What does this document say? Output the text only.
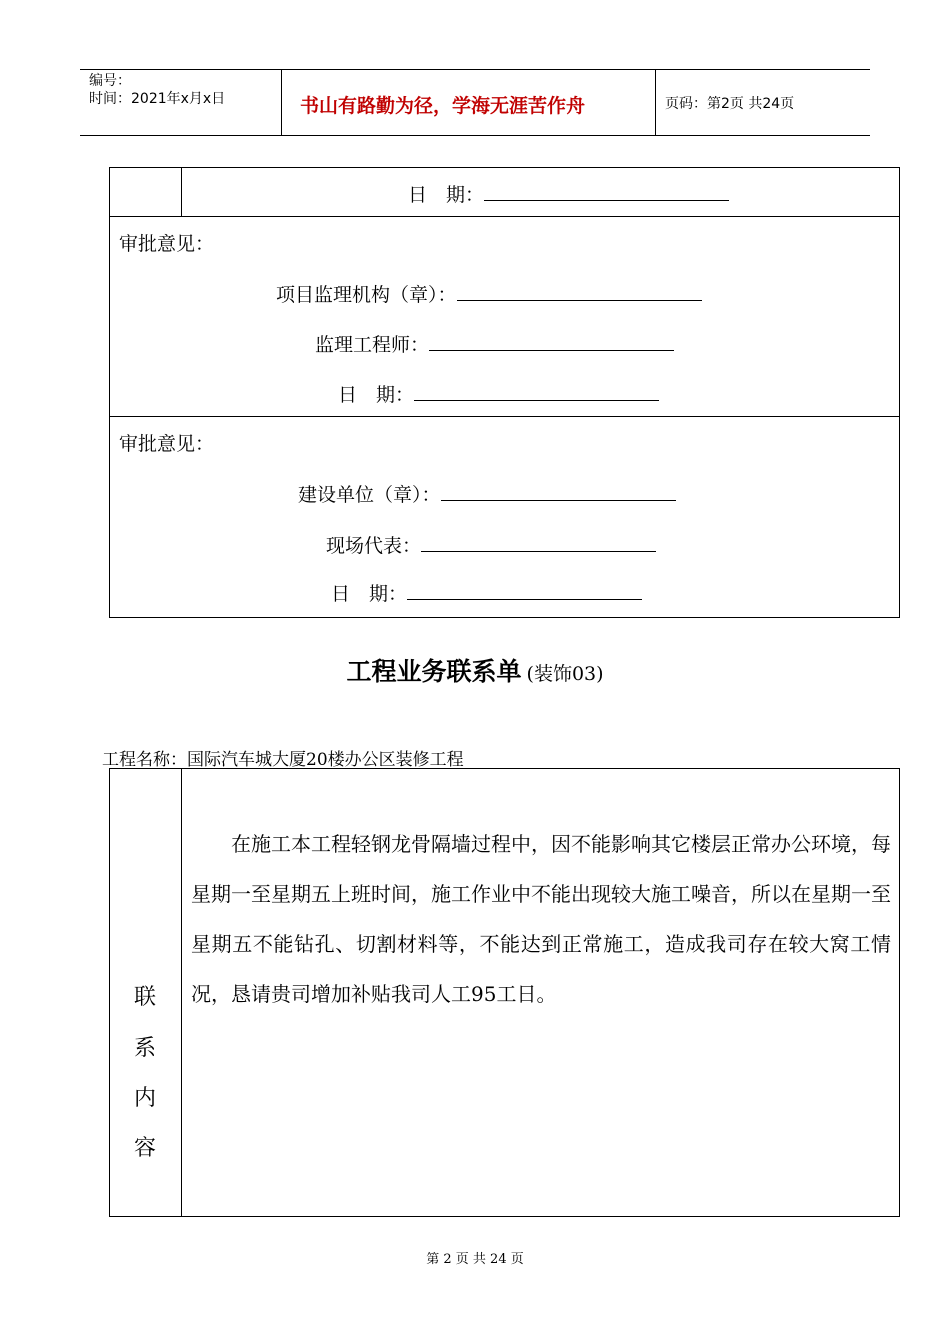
编号：
时间：2021年x月x日	书山有路勤为径，学海无涯苦作舟	页码：第2页 共24页
日　期：
审批意见：
项目监理机构（章）：
监理工程师：
日　期：
审批意见：
建设单位（章）：
现场代表：
日　期：
工程业务联系单 (装饰03)
工程名称：国际汽车城大厦20楼办公区装修工程
联
系
内
容
在施工本工程轻钢龙骨隔墙过程中，因不能影响其它楼层正常办公环境，每星期一至星期五上班时间，施工作业中不能出现较大施工噪音，所以在星期一至星期五不能钻孔、切割材料等，不能达到正常施工，造成我司存在较大窝工情况，恳请贵司增加补贴我司人工95工日。
第 2 页 共 24 页
